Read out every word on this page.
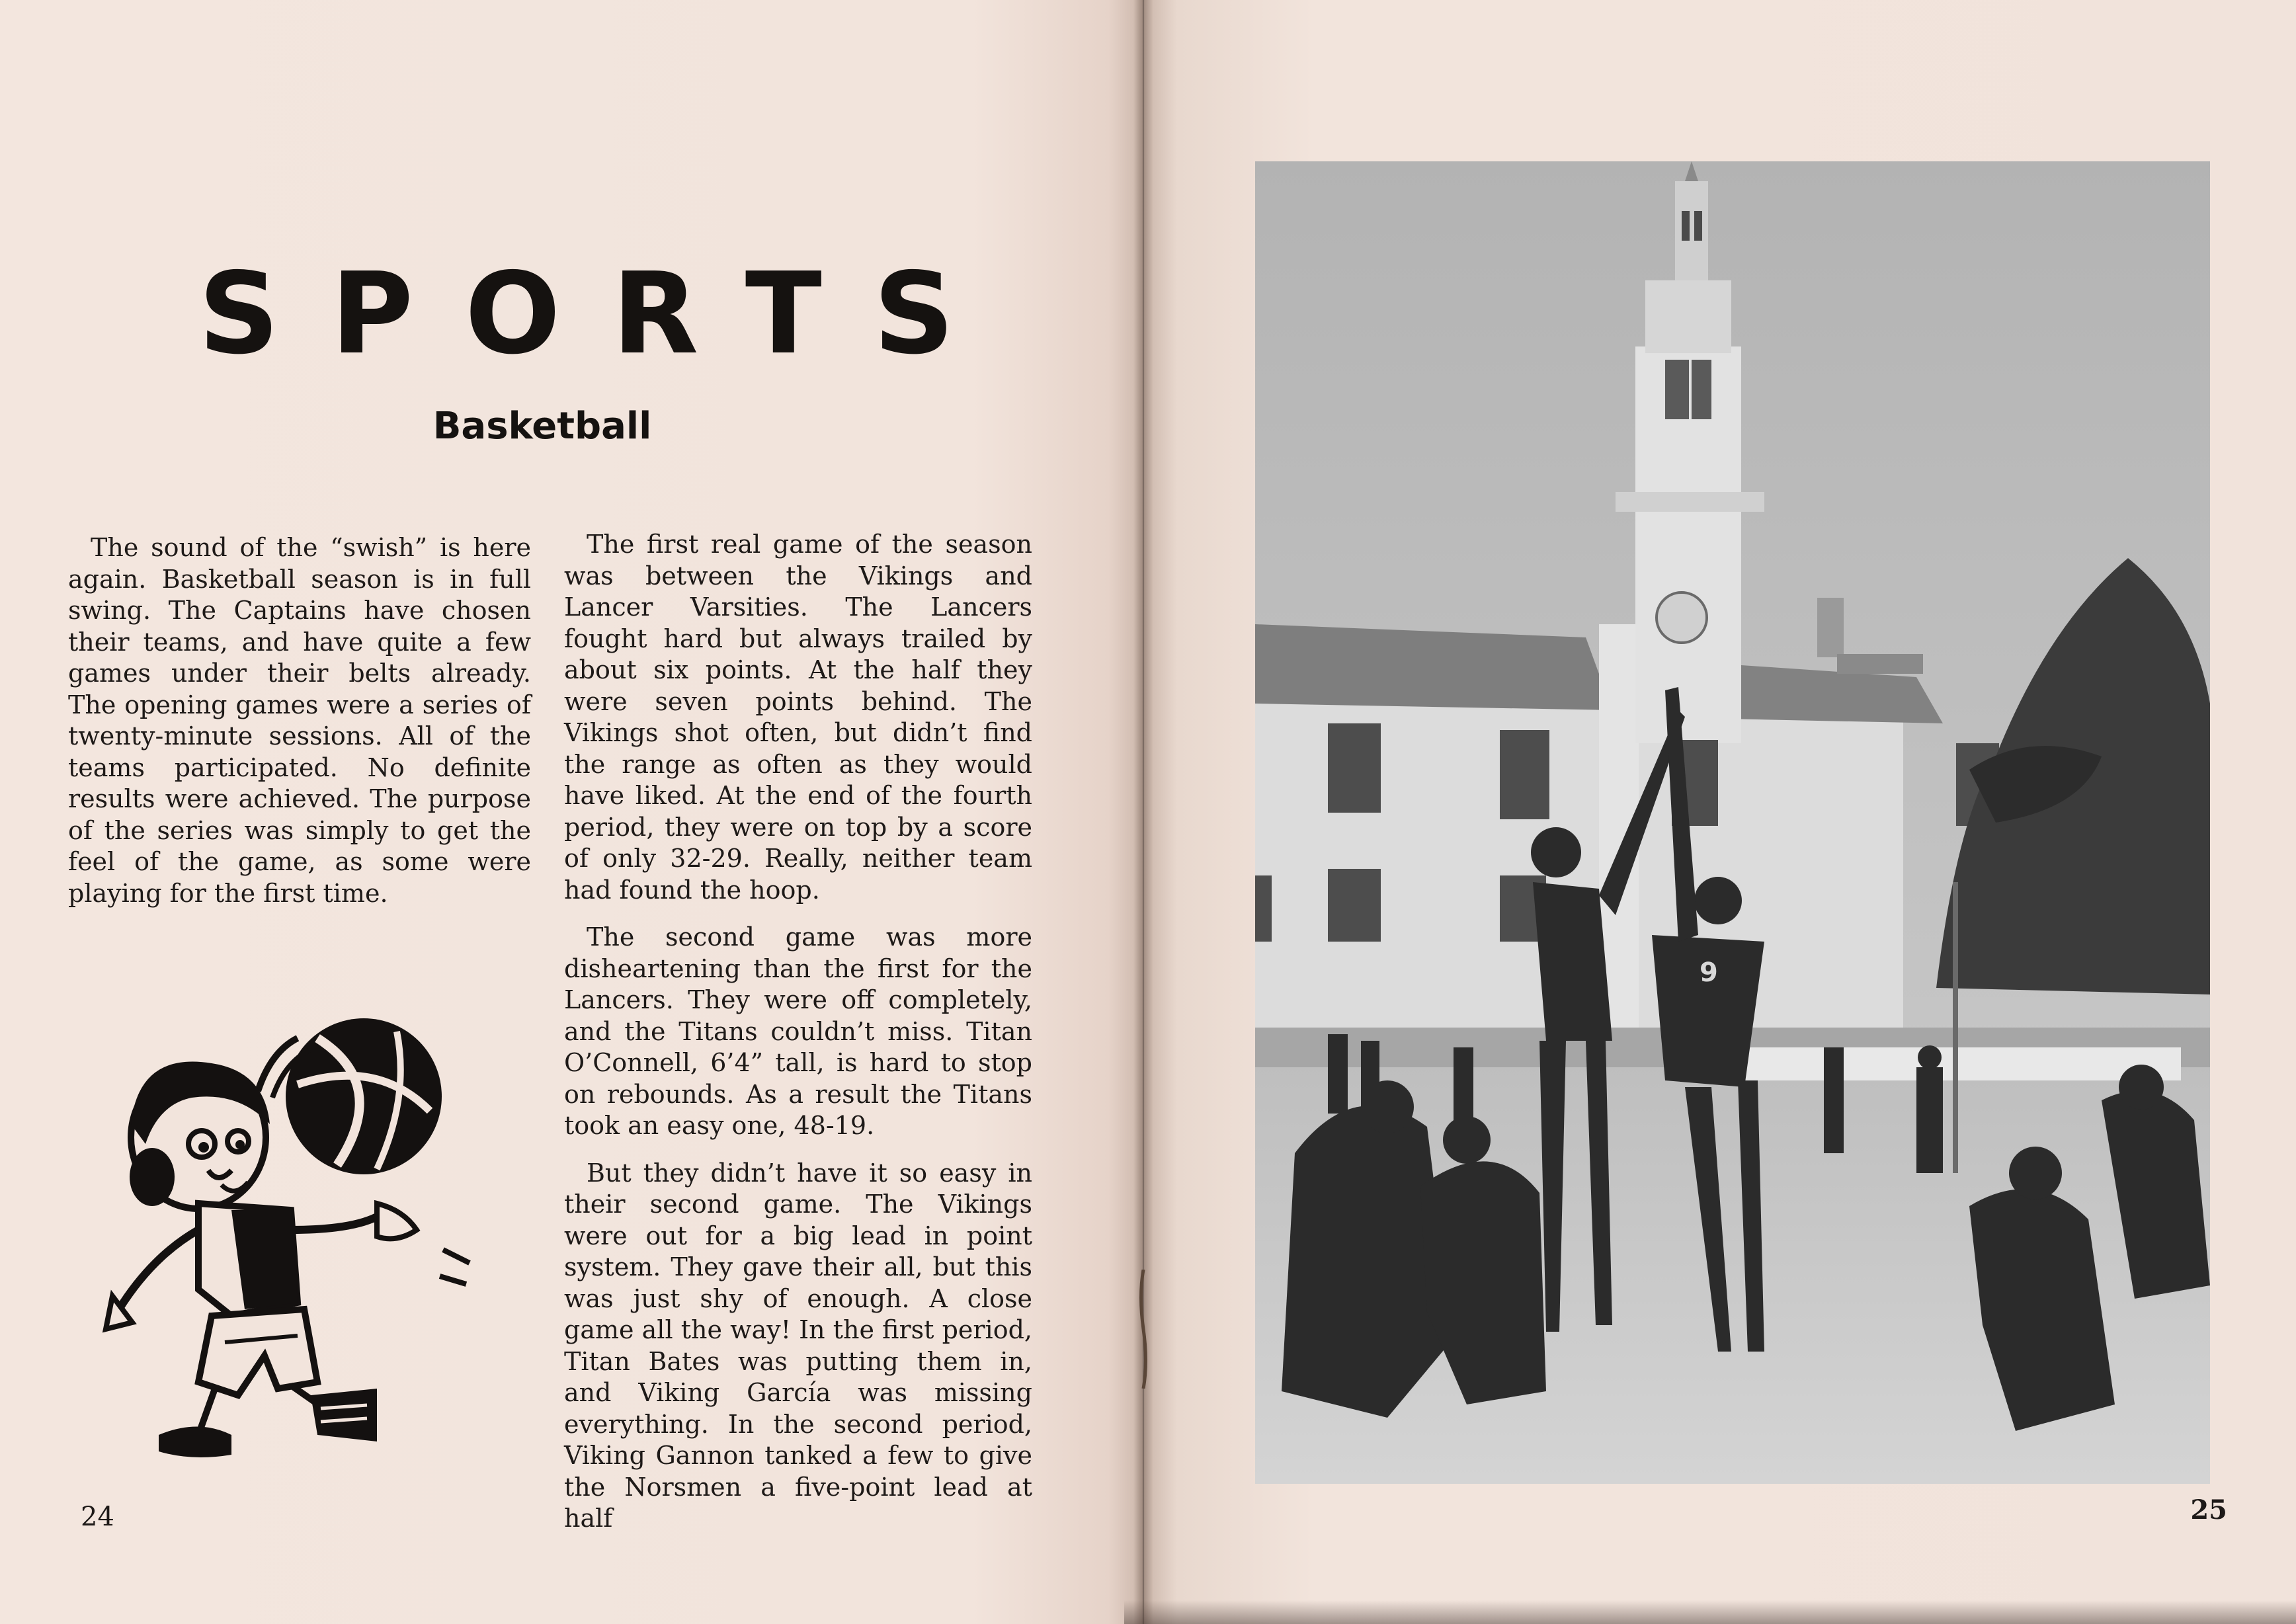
SPORTS
Basketball

The sound of the “swish” is here again. Basketball season is in full swing. The Captains have chosen their teams, and have quite a few games under their belts already. The opening games were a series of twenty-minute sessions. All of the teams participated. No definite results were achieved. The purpose of the series was simply to get the feel of the game, as some were playing for the first time.

The first real game of the season was between the Vikings and Lancer Varsities. The Lancers fought hard but always trailed by about six points. At the half they were seven points behind. The Vikings shot often, but didn’t find the range as often as they would have liked. At the end of the fourth period, they were on top by a score of only 32-29. Really, neither team had found the hoop.

The second game was more disheartening than the first for the Lancers. They were off completely, and the Titans couldn’t miss. Titan O’Connell, 6’4” tall, is hard to stop on rebounds. As a result the Titans took an easy one, 48-19.

But they didn’t have it so easy in their second game. The Vikings were out for a big lead in point system. They gave their all, but this was just shy of enough. A close game all the way! In the first period, Titan Bates was putting them in, and Viking García was missing everything. In the second period, Viking Gannon tanked a few to give the Norsmen a five-point lead at half

24
9
25
